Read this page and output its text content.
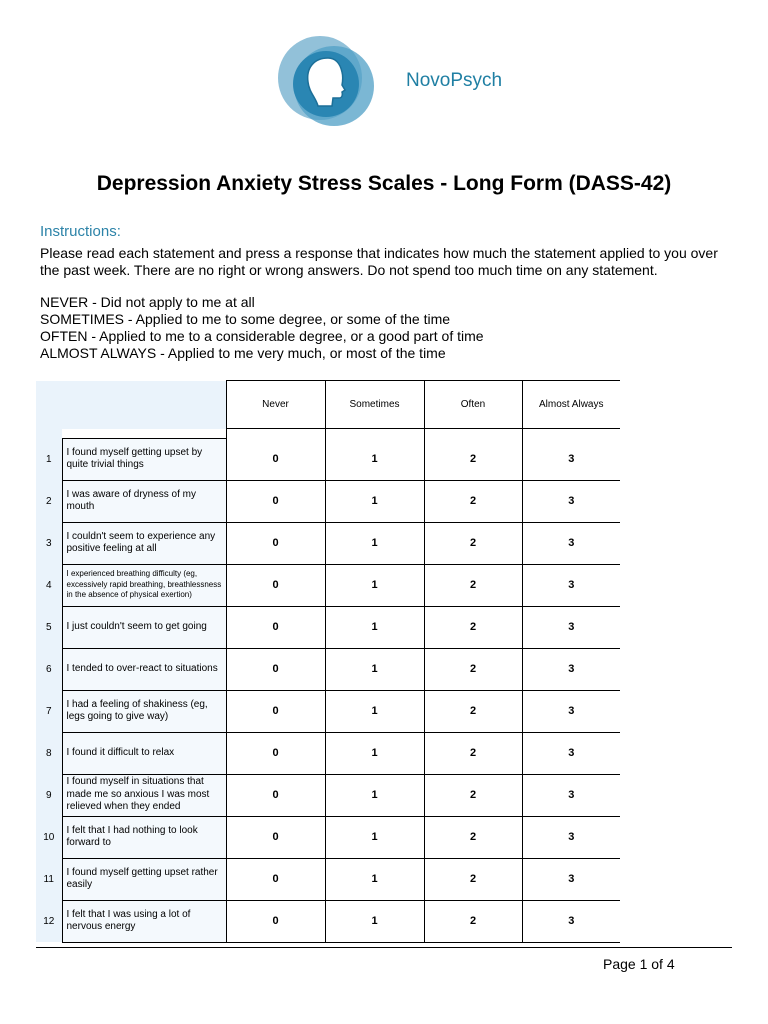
NovoPsych
Depression Anxiety Stress Scales - Long Form (DASS-42)
Instructions:
Please read each statement and press a response that indicates how much the statement applied to you over the past week. There are no right or wrong answers. Do not spend too much time on any statement.
NEVER - Did not apply to me at all
SOMETIMES - Applied to me to some degree, or some of the time
OFTEN - Applied to me to a considerable degree, or a good part of time
ALMOST ALWAYS - Applied to me very much, or most of the time
		Never	Sometimes	Often	Almost Always

1	I found myself getting upset by quite trivial things	0	1	2	3
2	I was aware of dryness of my mouth	0	1	2	3
3	I couldn't seem to experience any positive feeling at all	0	1	2	3
4	I experienced breathing difficulty (eg, excessively rapid breathing, breathlessness in the absence of physical exertion)	0	1	2	3
5	I just couldn't seem to get going	0	1	2	3
6	I tended to over-react to situations	0	1	2	3
7	I had a feeling of shakiness (eg, legs going to give way)	0	1	2	3
8	I found it difficult to relax	0	1	2	3
9	I found myself in situations that made me so anxious I was most relieved when they ended	0	1	2	3
10	I felt that I had nothing to look forward to	0	1	2	3
11	I found myself getting upset rather easily	0	1	2	3
12	I felt that I was using a lot of nervous energy	0	1	2	3
Page 1 of 4
